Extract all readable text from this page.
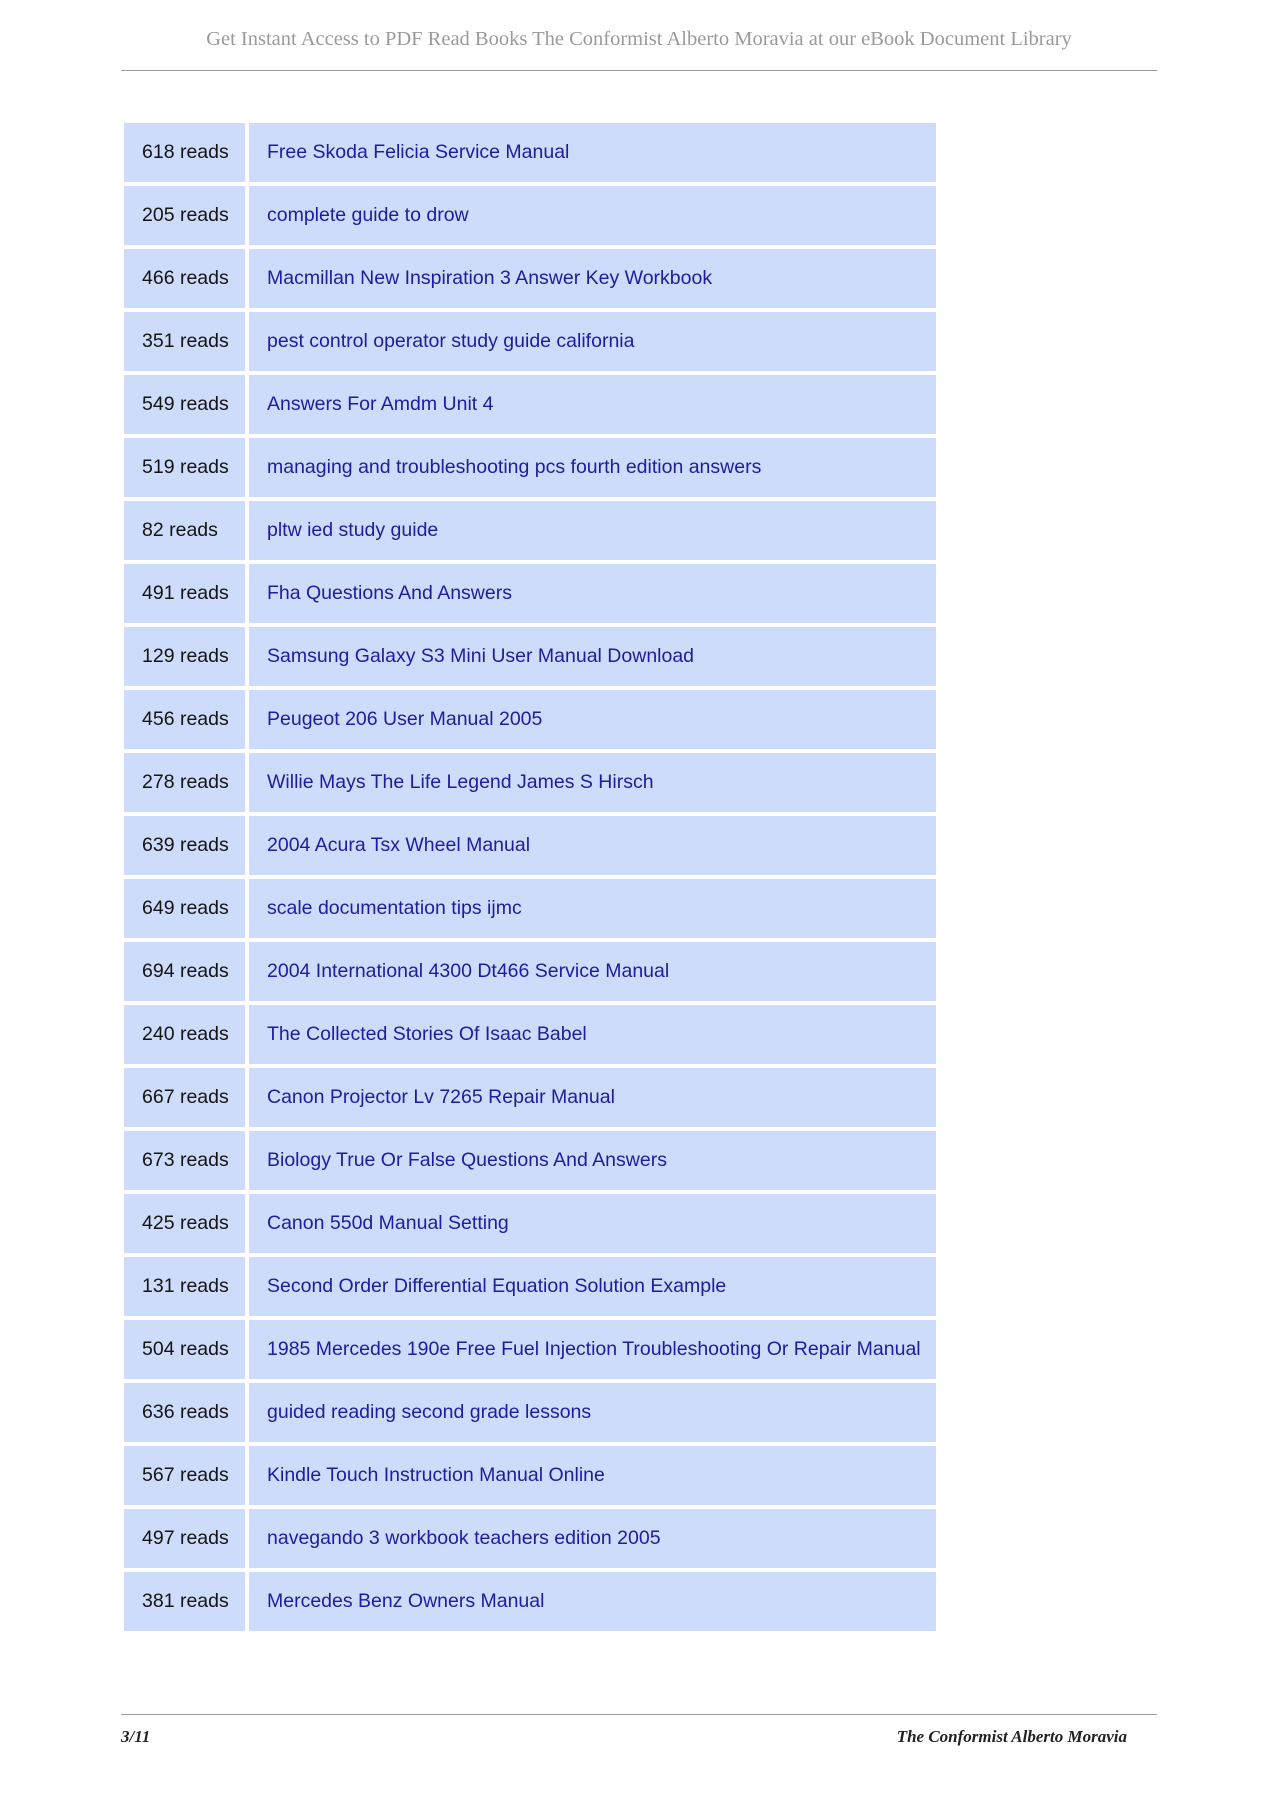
Get Instant Access to PDF Read Books The Conformist Alberto Moravia at our eBook Document Library
618 reads	Free Skoda Felicia Service Manual
205 reads	complete guide to drow
466 reads	Macmillan New Inspiration 3 Answer Key Workbook
351 reads	pest control operator study guide california
549 reads	Answers For Amdm Unit 4
519 reads	managing and troubleshooting pcs fourth edition answers
82 reads	pltw ied study guide
491 reads	Fha Questions And Answers
129 reads	Samsung Galaxy S3 Mini User Manual Download
456 reads	Peugeot 206 User Manual 2005
278 reads	Willie Mays The Life Legend James S Hirsch
639 reads	2004 Acura Tsx Wheel Manual
649 reads	scale documentation tips ijmc
694 reads	2004 International 4300 Dt466 Service Manual
240 reads	The Collected Stories Of Isaac Babel
667 reads	Canon Projector Lv 7265 Repair Manual
673 reads	Biology True Or False Questions And Answers
425 reads	Canon 550d Manual Setting
131 reads	Second Order Differential Equation Solution Example
504 reads	1985 Mercedes 190e Free Fuel Injection Troubleshooting Or Repair Manual
636 reads	guided reading second grade lessons
567 reads	Kindle Touch Instruction Manual Online
497 reads	navegando 3 workbook teachers edition 2005
381 reads	Mercedes Benz Owners Manual
3/11	The Conformist Alberto Moravia
